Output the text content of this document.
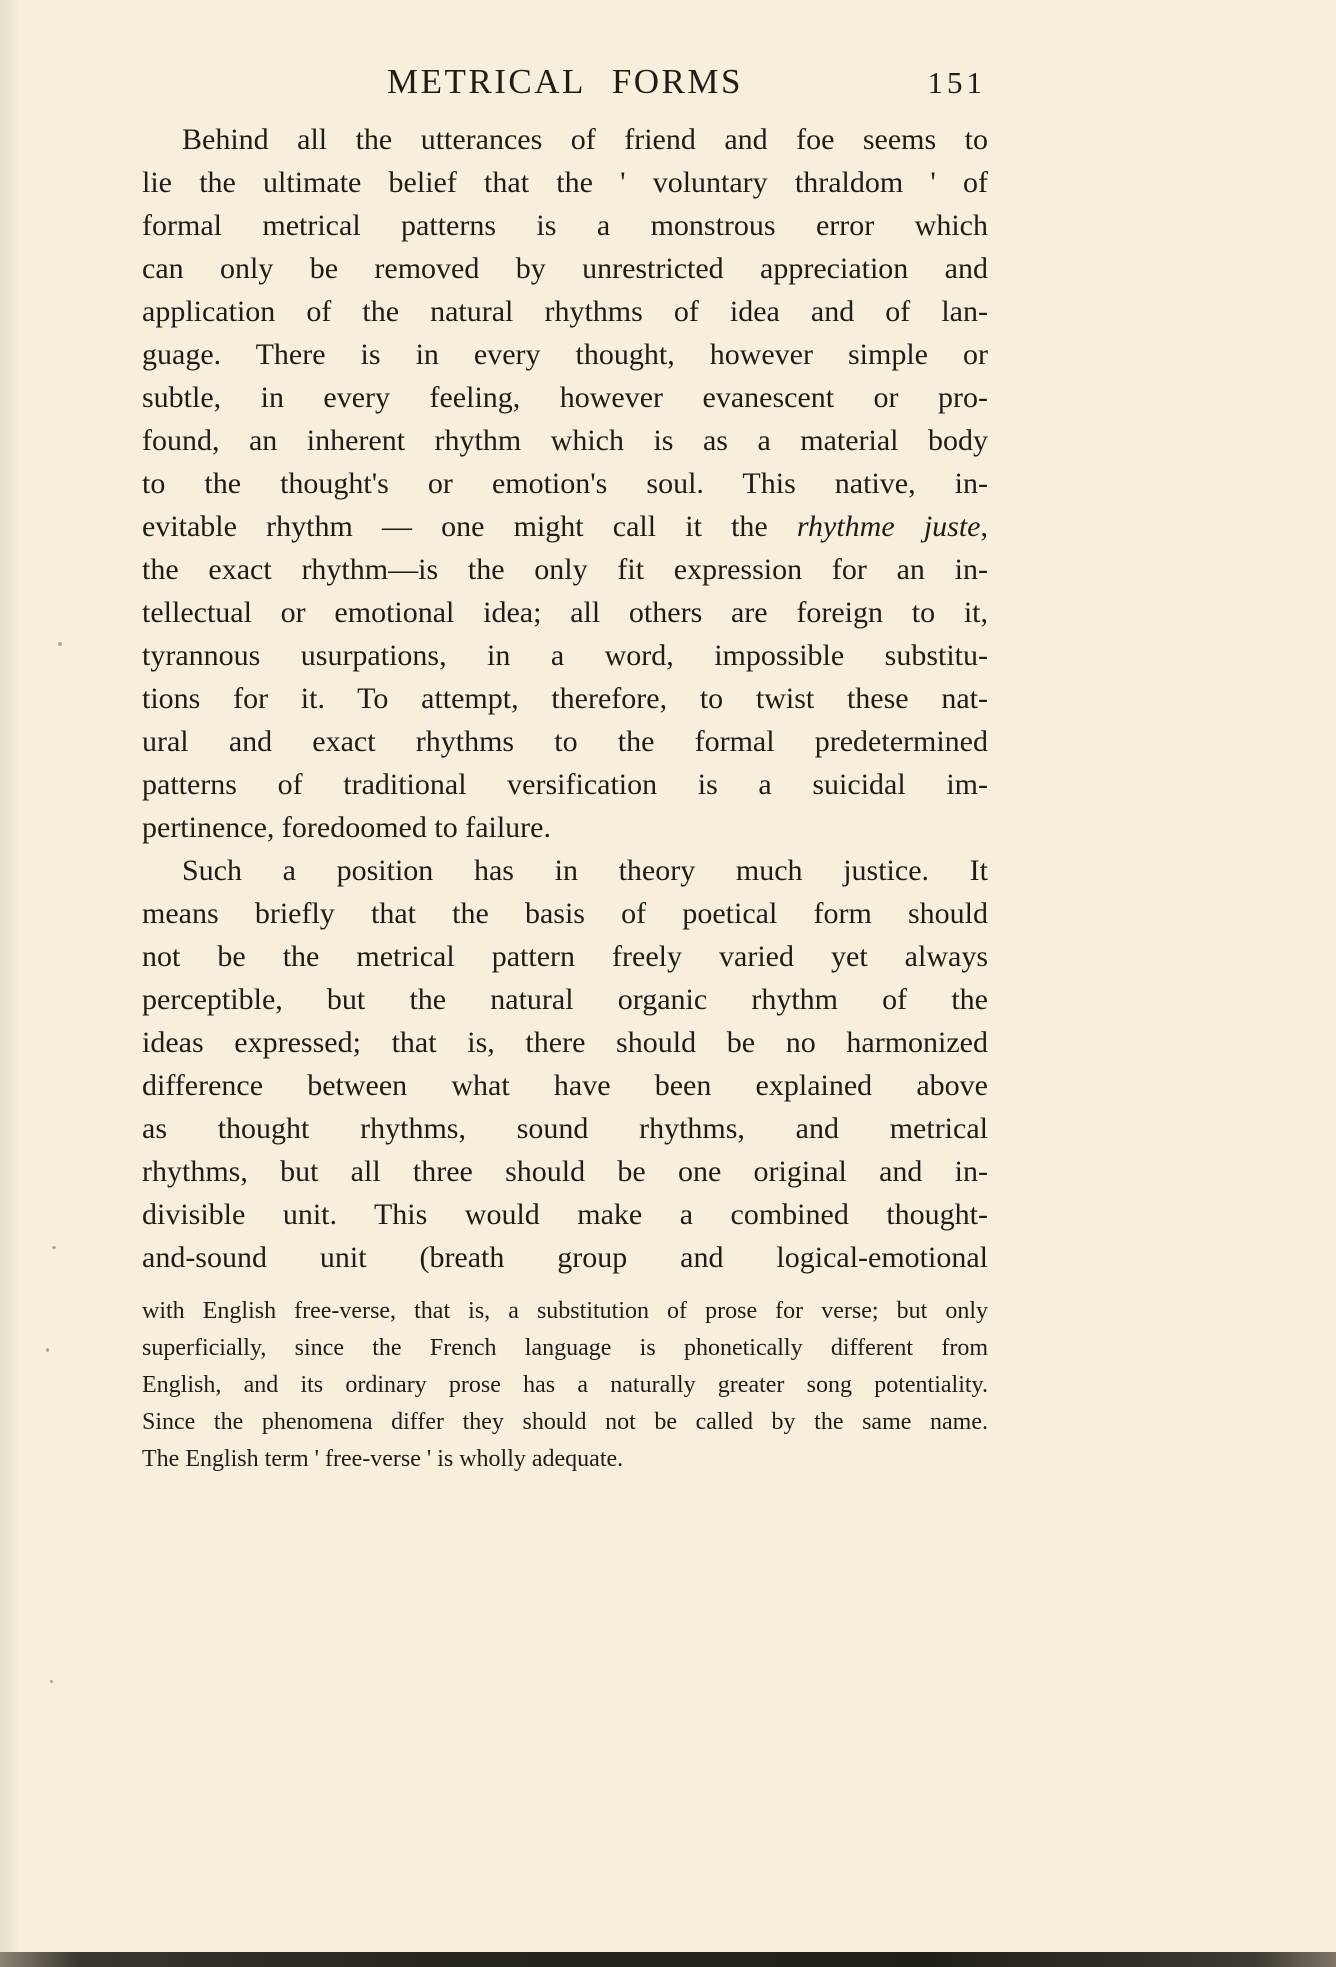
METRICAL FORMS	151
Behind all the utterances of friend and foe seems to
lie the ultimate belief that the ' voluntary thraldom ' of
formal metrical patterns is a monstrous error which
can only be removed by unrestricted appreciation and
application of the natural rhythms of idea and of lan-
guage. There is in every thought, however simple or
subtle, in every feeling, however evanescent or pro-
found, an inherent rhythm which is as a material body
to the thought's or emotion's soul. This native, in-
evitable rhythm — one might call it the rhythme juste,
the exact rhythm—is the only fit expression for an in-
tellectual or emotional idea; all others are foreign to it,
tyrannous usurpations, in a word, impossible substitu-
tions for it. To attempt, therefore, to twist these nat-
ural and exact rhythms to the formal predetermined
patterns of traditional versification is a suicidal im-
pertinence, foredoomed to failure.
Such a position has in theory much justice. It
means briefly that the basis of poetical form should
not be the metrical pattern freely varied yet always
perceptible, but the natural organic rhythm of the
ideas expressed; that is, there should be no harmonized
difference between what have been explained above
as thought rhythms, sound rhythms, and metrical
rhythms, but all three should be one original and in-
divisible unit. This would make a combined thought-
and-sound unit (breath group and logical-emotional
with English free-verse, that is, a substitution of prose for verse; but only
superficially, since the French language is phonetically different from
English, and its ordinary prose has a naturally greater song potentiality.
Since the phenomena differ they should not be called by the same name.
The English term ' free-verse ' is wholly adequate.
